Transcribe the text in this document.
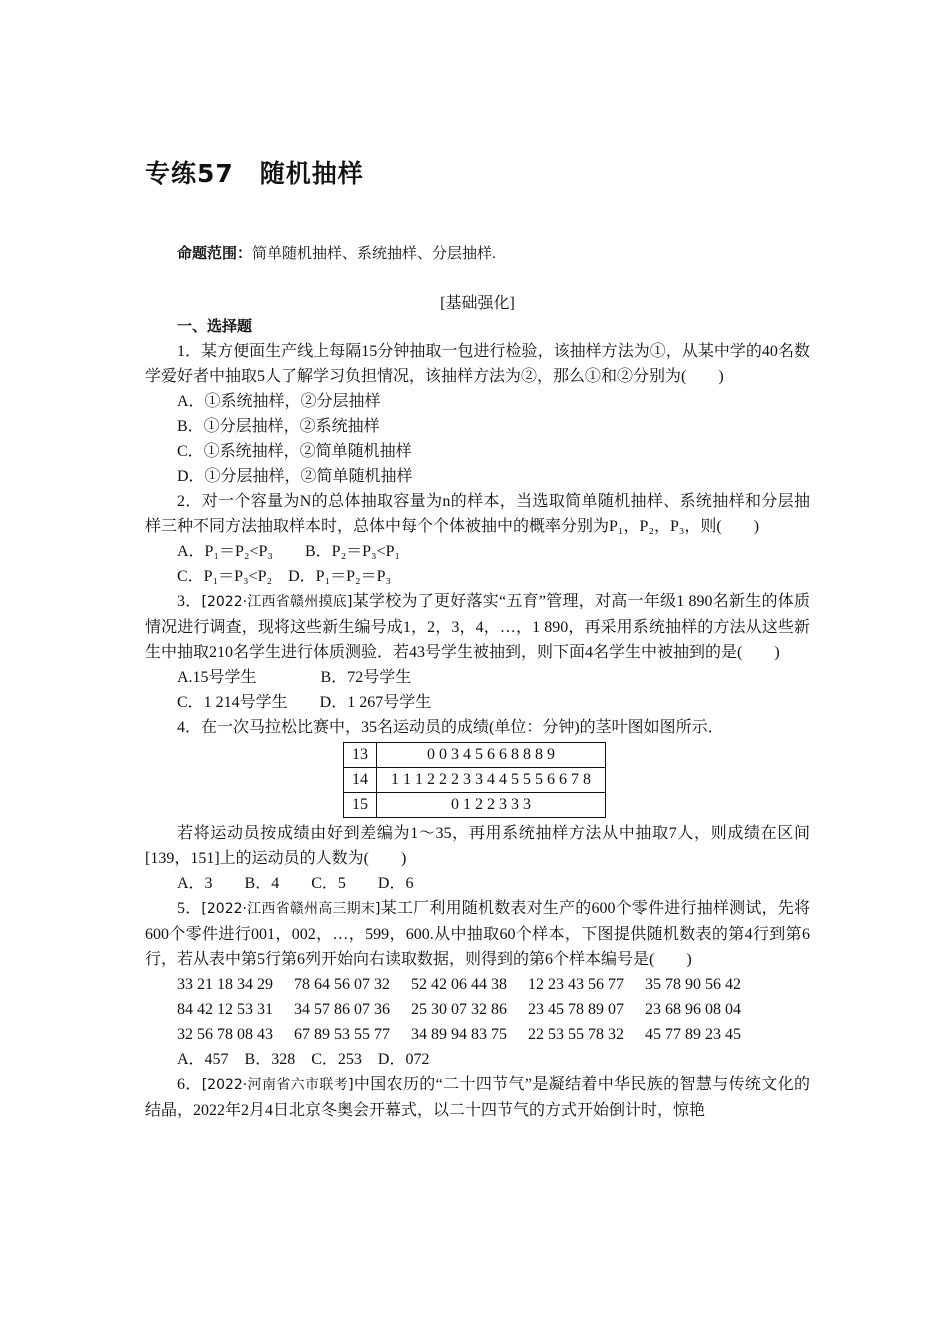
专练57　随机抽样
命题范围：简单随机抽样、系统抽样、分层抽样.
[基础强化]

一、选择题

1．某方便面生产线上每隔15分钟抽取一包进行检验，该抽样方法为①，从某中学的40名数学爱好者中抽取5人了解学习负担情况，该抽样方法为②，那么①和②分别为(　　)

A．①系统抽样，②分层抽样

B．①分层抽样，②系统抽样

C．①系统抽样，②简单随机抽样

D．①分层抽样，②简单随机抽样

2．对一个容量为N的总体抽取容量为n的样本，当选取简单随机抽样、系统抽样和分层抽样三种不同方法抽取样本时，总体中每个个体被抽中的概率分别为P₁，P₂，P₃，则(　　)

A．P₁＝P₂<P₃　　B．P₂＝P₃<P₁

C．P₁＝P₃<P₂　D．P₁＝P₂＝P₃

3．[2022·江西省赣州摸底]某学校为了更好落实“五育”管理，对高一年级1 890名新生的体质情况进行调查，现将这些新生编号成1，2，3，4，…，1 890，再采用系统抽样的方法从这些新生中抽取210名学生进行体质测验．若43号学生被抽到，则下面4名学生中被抽到的是(　　)

A.15号学生　　　　B．72号学生

C．1 214号学生　　D．1 267号学生

4．在一次马拉松比赛中，35名运动员的成绩(单位：分钟)的茎叶图如图所示．

13	0 0 3 4 5 6 6 8 8 8 9
14	1 1 1 2 2 2 3 3 4 4 5 5 5 6 6 7 8
15	0 1 2 2 3 3 3

若将运动员按成绩由好到差编为1～35，再用系统抽样方法从中抽取7人，则成绩在区间[139，151]上的运动员的人数为(　　)

A．3　　B．4　　C．5　　D．6

5．[2022·江西省赣州高三期末]某工厂利用随机数表对生产的600个零件进行抽样测试，先将600个零件进行001，002，…，599，600.从中抽取60个样本，下图提供随机数表的第4行到第6行，若从表中第5行第6列开始向右读取数据，则得到的第6个样本编号是(　　)

33 21 18 34 29 78 64 56 07 32 52 42 06 44 38 12 23 43 56 77 35 78 90 56 42

84 42 12 53 31 34 57 86 07 36 25 30 07 32 86 23 45 78 89 07 23 68 96 08 04

32 56 78 08 43 67 89 53 55 77 34 89 94 83 75 22 53 55 78 32 45 77 89 23 45

A．457　B．328　C．253　D．072

6．[2022·河南省六市联考]中国农历的“二十四节气”是凝结着中华民族的智慧与传统文化的结晶，2022年2月4日北京冬奥会开幕式，以二十四节气的方式开始倒计时，惊艳
